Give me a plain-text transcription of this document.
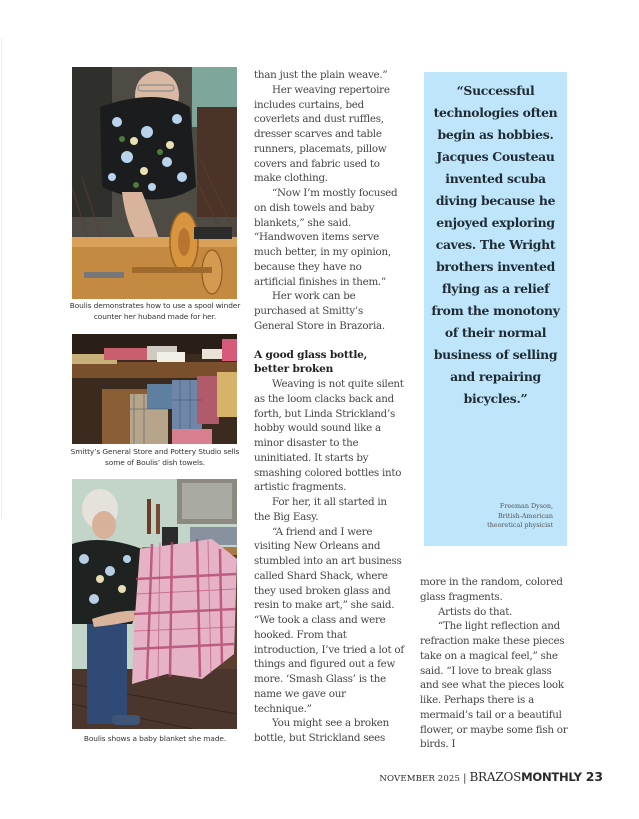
Boulis demonstrates how to use a spool winder counter her huband made for her.
Smitty’s General Store and Pottery Studio sells some of Boulis’ dish towels.
Boulis shows a baby blanket she made.

than just the plain weave.”

Her weaving repertoire includes curtains, bed coverlets and dust ruffles, dresser scarves and table runners, placemats, pillow covers and fabric used to make clothing.

“Now I’m mostly focused on dish towels and baby blankets,” she said. “Handwoven items serve much better, in my opinion, because they have no artificial finishes in them.”

Her work can be purchased at Smitty’s General Store in Brazoria.

A good glass bottle,
better broken

Weaving is not quite silent as the loom clacks back and forth, but Linda Strickland’s hobby would sound like a minor disaster to the uninitiated. It starts by smashing colored bottles into artistic fragments.

For her, it all started in the Big Easy.

“A friend and I were visiting New Orleans and stumbled into an art business called Shard Shack, where they used broken glass and resin to make art,” she said. “We took a class and were hooked. From that introduction, I’ve tried a lot of things and figured out a few more. ‘Smash Glass’ is the name we gave our technique.”

You might see a broken bottle, but Strickland sees

“Successful technologies often begin as hobbies. Jacques Cousteau invented scuba diving because he enjoyed exploring caves. The Wright brothers invented flying as a relief from the monotony of their normal business of selling and repairing bicycles.”
Freeman Dyson,
British-American
theoretical physicist

more in the random, colored glass fragments.

Artists do that.

“The light reflection and refraction make these pieces take on a magical feel,” she said. “I love to break glass and see what the pieces look like. Perhaps there is a mermaid’s tail or a beautiful flower, or maybe some fish or birds. I

NOVEMBER 2025 | BRAZOS MONTHLY 23
